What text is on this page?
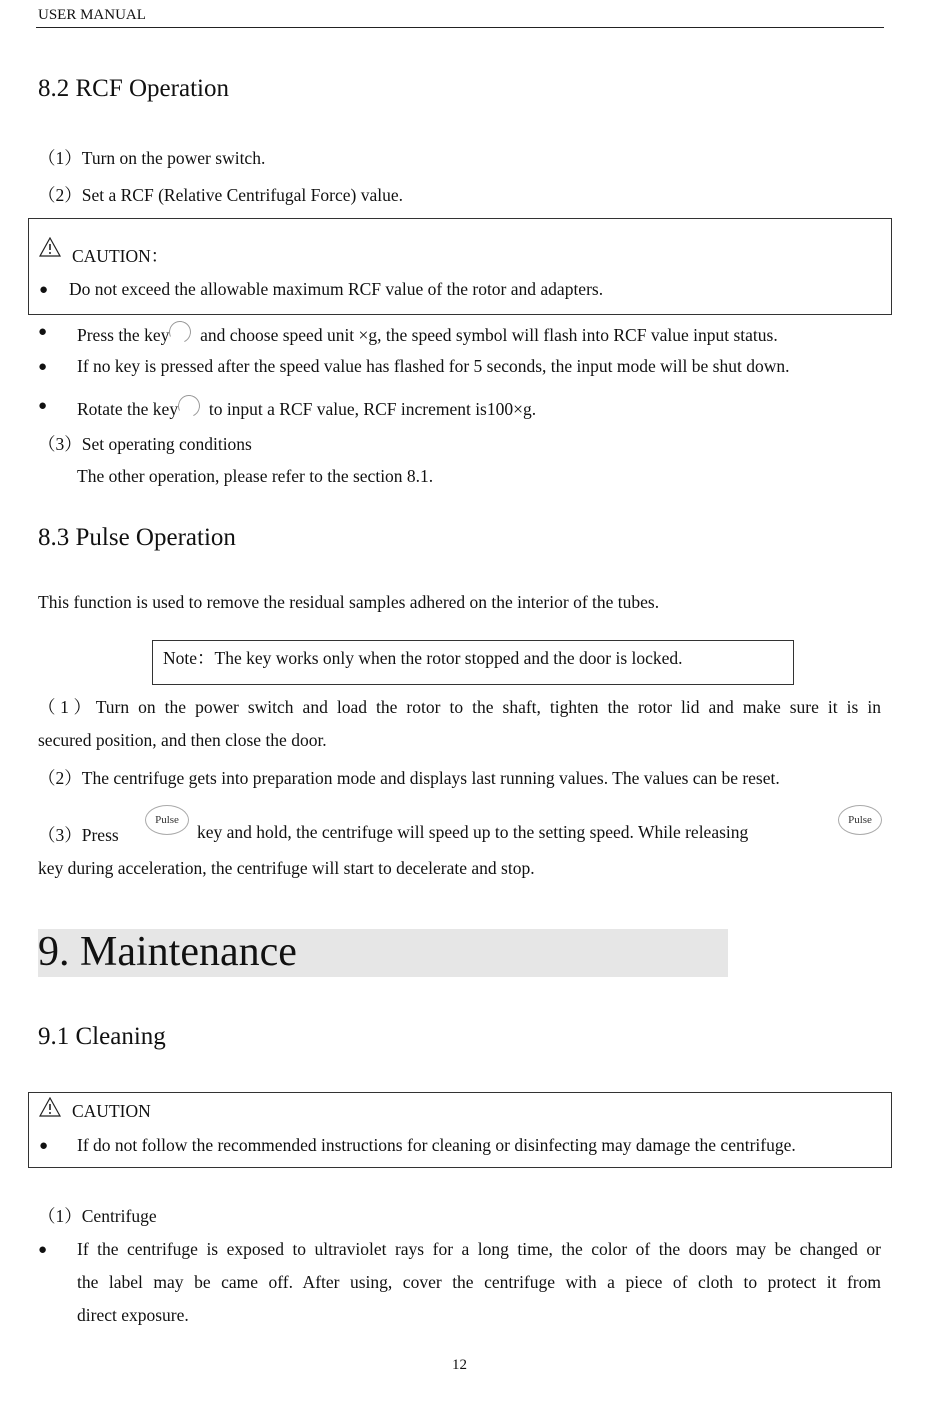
USER MANUAL
8.2 RCF Operation
（1）Turn on the power switch.
（2）Set a RCF (Relative Centrifugal Force) value.
CAUTION：
● Do not exceed the allowable maximum RCF value of the rotor and adapters.
● Press the key and choose speed unit ×g, the speed symbol will flash into RCF value input status.
● If no key is pressed after the speed value has flashed for 5 seconds, the input mode will be shut down.
● Rotate the key to input a RCF value, RCF increment is100×g.
（3）Set operating conditions
The other operation, please refer to the section 8.1.
8.3 Pulse Operation
This function is used to remove the residual samples adhered on the interior of the tubes.
Note：The key works only when the rotor stopped and the door is locked.
（1）Turn on the power switch and load the rotor to the shaft, tighten the rotor lid and make sure it is in
secured position, and then close the door.
（2）The centrifuge gets into preparation mode and displays last running values. The values can be reset.
（3）Press
Pulse
key and hold, the centrifuge will speed up to the setting speed. While releasing
Pulse
key during acceleration, the centrifuge will start to decelerate and stop.
9. Maintenance
9.1 Cleaning
CAUTION
● If do not follow the recommended instructions for cleaning or disinfecting may damage the centrifuge.
（1）Centrifuge
● If the centrifuge is exposed to ultraviolet rays for a long time, the color of the doors may be changed or
the label may be came off. After using, cover the centrifuge with a piece of cloth to protect it from
direct exposure.
12
